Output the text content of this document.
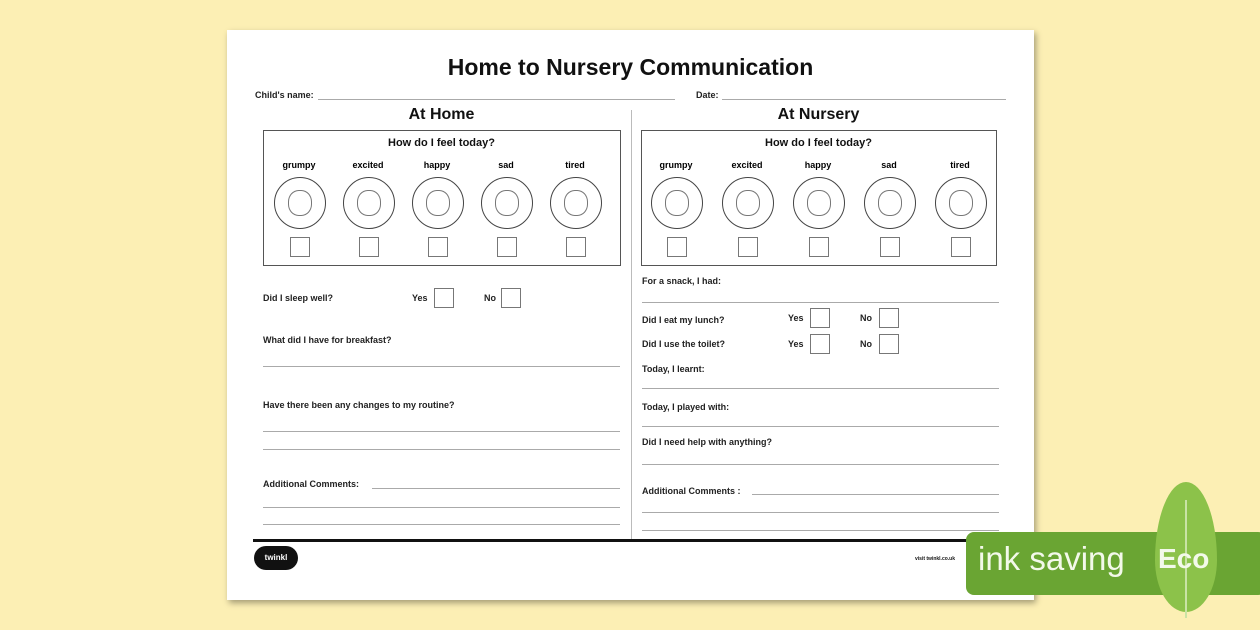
Home to Nursery Communication
Child's name:	Date:
At Home
How do I feel today?
grumpy	excited	happy	sad	tired
Did I sleep well?	Yes	No
What did I have for breakfast?
Have there been any changes to my routine?
Additional Comments:
At Nursery
How do I feel today?
grumpy	excited	happy	sad	tired
For a snack, I had:
Did I eat my lunch?	Yes	No
Did I use the toilet?	Yes	No
Today, I learnt:
Today, I played with:
Did I need help with anything?
Additional Comments :
twinkl	visit twinkl.co.uk ink saving Eco
